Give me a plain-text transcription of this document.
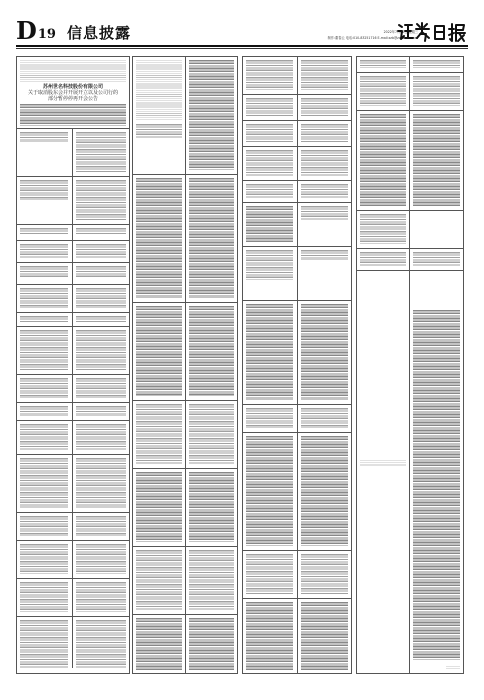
D 19 信息披露	2022年7月20日 星期三
制作:董春云 电话:010-83251716 E-mail:zzb@zqrb.sina.net
苏州世名科技股份有限公司
关于取消股东会并开展开立以及公司行的
部分暂停停再开会公告
